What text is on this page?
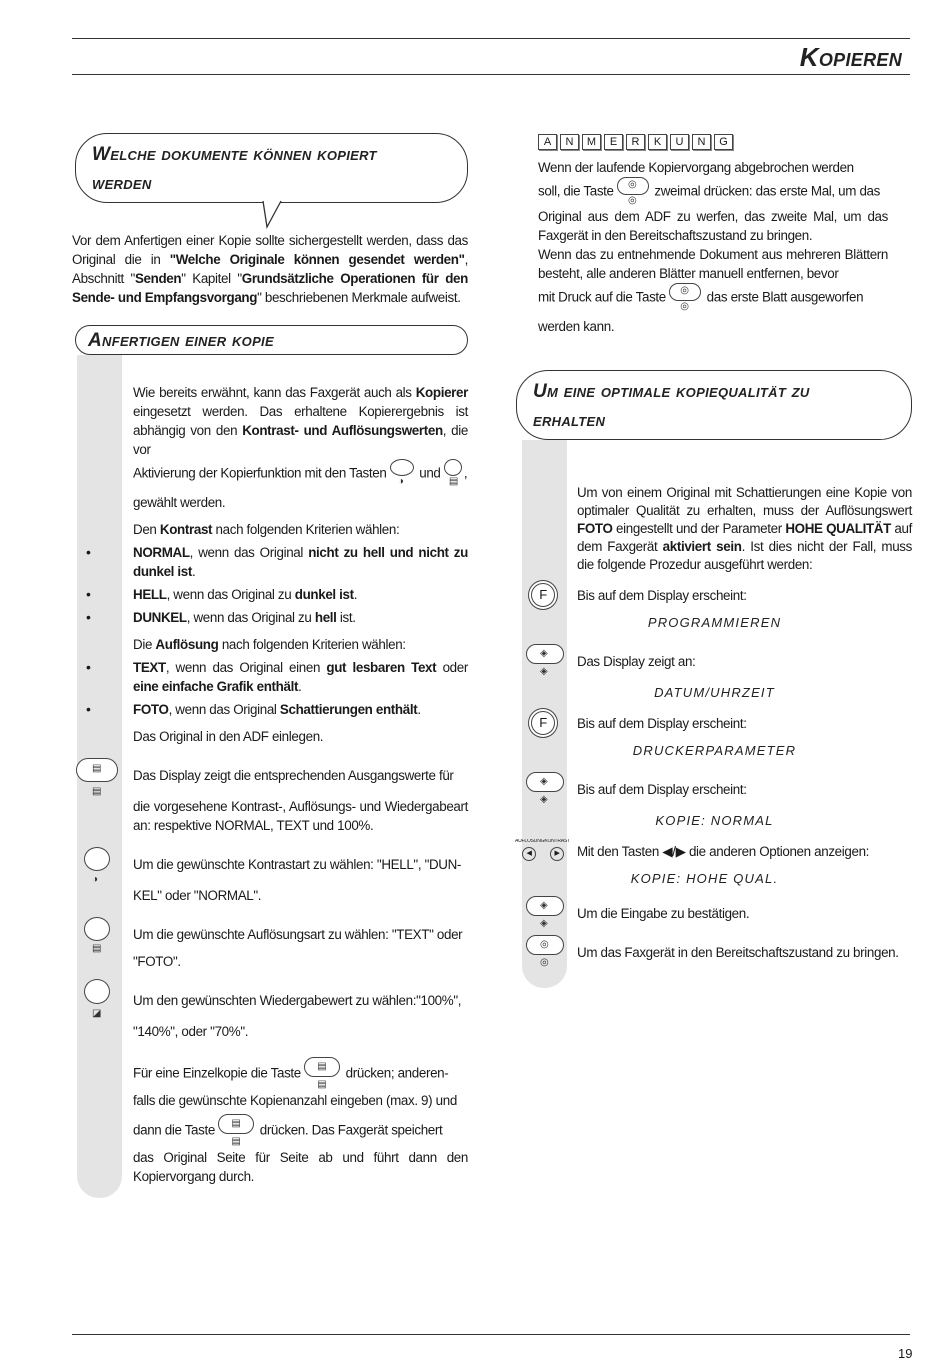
Kopieren
19
Welche dokumente können kopiert
werden
Vor dem Anfertigen einer Kopie sollte sichergestellt werden, dass das Original die in "Welche Originale können gesendet werden", Abschnitt "Senden" Kapitel "Grundsätzliche Operationen für den Sende- und Empfangsvorgang" beschriebenen Merkmale aufweist.
Anfertigen einer kopie
Wie bereits erwähnt, kann das Faxgerät auch als Kopierer eingesetzt werden. Das erhaltene Kopierergebnis ist abhängig von den Kontrast- und Auflösungswerten, die vor
Aktivierung der Kopierfunktion mit den Tasten
◑
und
▤
,
gewählt werden.
Den Kontrast nach folgenden Kriterien wählen:
•	NORMAL, wenn das Original nicht zu hell und nicht zu dunkel ist.
•	HELL, wenn das Original zu dunkel ist.
•	DUNKEL, wenn das Original zu hell ist.
Die Auflösung nach folgenden Kriterien wählen:
•	TEXT, wenn das Original einen gut lesbaren Text oder eine einfache Grafik enthält.
•	FOTO, wenn das Original Schattierungen enthält.
Das Original in den ADF einlegen.
▤
▤
Das Display zeigt die entsprechenden Ausgangswerte für
die vorgesehene Kontrast-, Auflösungs- und Wiedergabeart an: respektive NORMAL, TEXT und 100%.
◑
Um die gewünschte Kontrastart zu wählen: "HELL", "DUN-
KEL" oder "NORMAL".
▤
Um die gewünschte Auflösungsart zu wählen: "TEXT" oder
"FOTO".
◪
Um den gewünschten Wiedergabewert zu wählen:"100%",
"140%", oder "70%".
Für eine Einzelkopie die Taste ▤
▤
drücken; anderen-
falls die gewünschte Kopienanzahl eingeben (max. 9) und
dann die Taste ▤
▤
drücken. Das Faxgerät speichert
das Original Seite für Seite ab und führt dann den Kopiervorgang durch.
A N M E R K U N G
Wenn der laufende Kopiervorgang abgebrochen werden
soll, die Taste ◎
◎
zweimal drücken: das erste Mal, um das
Original aus dem ADF zu werfen, das zweite Mal, um das Faxgerät in den Bereitschaftszustand zu bringen.
Wenn das zu entnehmende Dokument aus mehreren Blättern besteht, alle anderen Blätter manuell entfernen, bevor
mit Druck auf die Taste ◎
◎
das erste Blatt ausgeworfen
werden kann.
Um eine optimale kopiequalität zu
erhalten
Um von einem Original mit Schattierungen eine Kopie von optimaler Qualität zu erhalten, muss der Auflösungswert FOTO eingestellt und der Parameter HOHE QUALITÄT auf dem Faxgerät aktiviert sein. Ist dies nicht der Fall, muss die folgende Prozedur ausgeführt werden:
F	Bis auf dem Display erscheint:
PROGRAMMIEREN
◈
◈
Das Display zeigt an:
DATUM/UHRZEIT
F	Bis auf dem Display erscheint:
DRUCKERPARAMETER
◈
◈
Bis auf dem Display erscheint:
KOPIE: NORMAL
AUFLÖSUNGKONTRAST
◀	▶	Mit den Tasten ◀/▶ die anderen Optionen anzeigen:
KOPIE: HOHE QUAL.
◈
◈
Um die Eingabe zu bestätigen.
◎
◎
Um das Faxgerät in den Bereitschaftszustand zu bringen.
